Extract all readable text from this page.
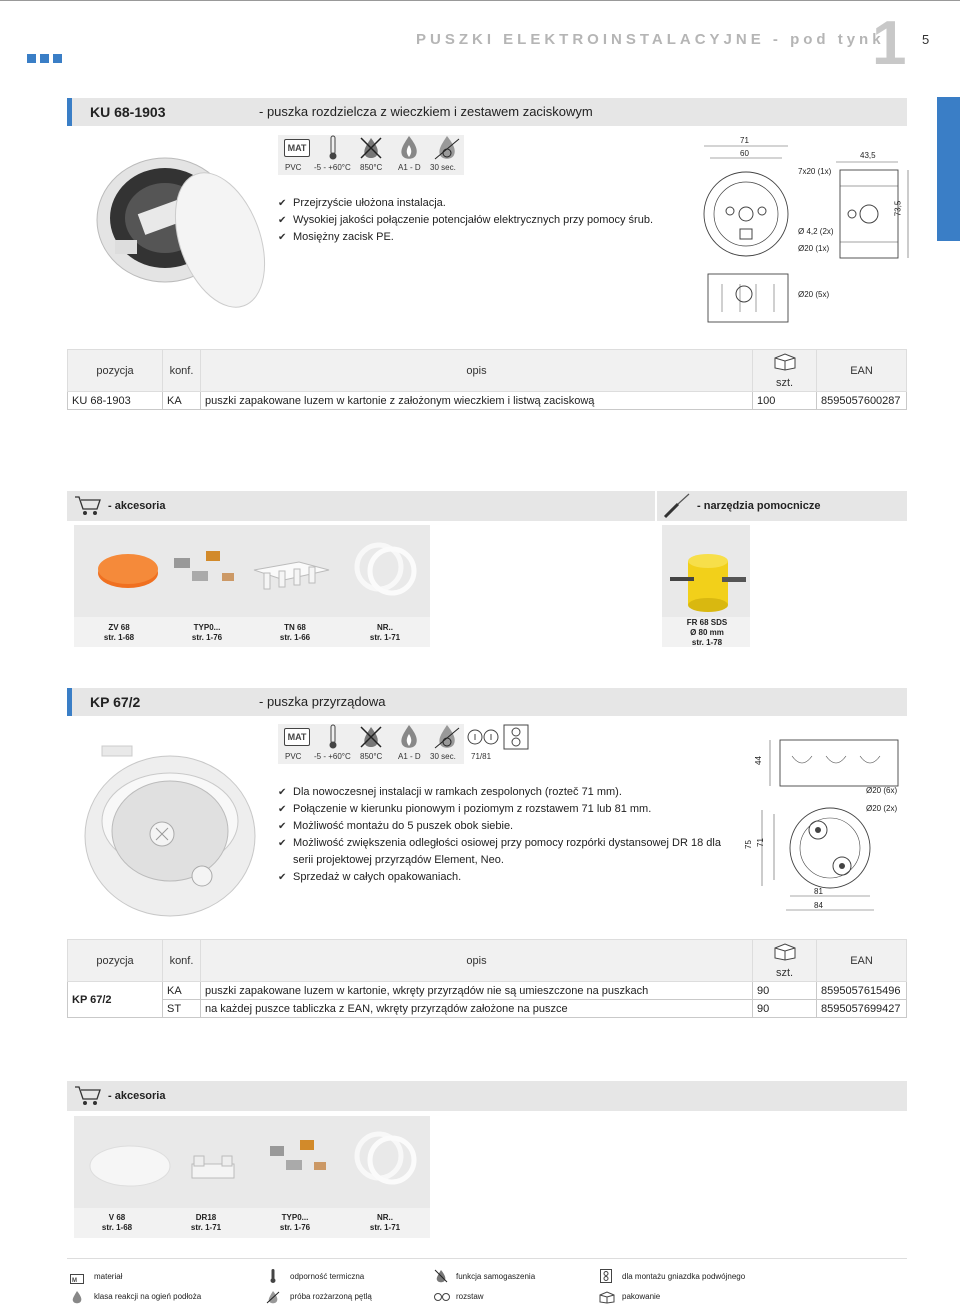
PUSZKI ELEKTROINSTALACYJNE - pod tynk
1 5
KU 68-1903	- puszka rozdzielcza z wieczkiem i zestawem zaciskowym
MAT
PVC -5 - +60°C 850°C A1 - D 30 sec.
✔ Przejrzyście ułożona instalacja.
✔ Wysokiej jakości połączenie potencjałów elektrycznych przy pomocy śrub.
✔ Mosiężny zacisk PE.
71
60	43,5
73,5
7x20 (1x)
Ø 4,2 (2x)
Ø20 (1x)
Ø20 (5x)
pozycja	konf.	opis		EAN
			szt.	
KU 68-1903	KA	puszki zapakowane luzem w kartonie z założonym wieczkiem i listwą zaciskową	100	8595057600287
- akcesoria	- narzędzia pomocnicze
ZV 68
str. 1-68
TYP0...
str. 1-76
TN 68
str. 1-66
NR..
str. 1-71
FR 68 SDS
Ø 80 mm
str. 1-78
KP 67/2	- puszka przyrządowa
MAT
PVC -5 - +60°C 850°C A1 - D 30 sec. 71/81
✔ Dla nowoczesnej instalacji w ramkach zespolonych (rozteč 71 mm).
✔ Połączenie w kierunku pionowym i poziomym z rozstawem 71 lub 81 mm.
✔ Możliwość montażu do 5 puszek obok siebie.
✔ Możliwość zwiększenia odległości osiowej przy pomocy rozpórki dystansowej DR 18 dla serii projektowej przyrządów Element, Neo.
✔ Sprzedaż w całych opakowaniach.
44
75 71
81
84
Ø20 (6x)
Ø20 (2x)
pozycja	konf.	opis		EAN
			szt.	
KP 67/2	KA	puszki zapakowane luzem w kartonie, wkręty przyrządów nie są umieszczone na puszkach	90	8595057615496
	ST	na każdej puszce tabliczka z EAN, wkręty przyrządów założone na puszce	90	8595057699427
- akcesoria
V 68
str. 1-68
DR18
str. 1-71
TYP0...
str. 1-76
NR..
str. 1-71
M materiał	odporność termiczna	funkcja samogaszenia	dla montażu gniazdka podwójnego
klasa reakcji na ogień podłoża	próba rozżarzoną pętlą	rozstaw	pakowanie
